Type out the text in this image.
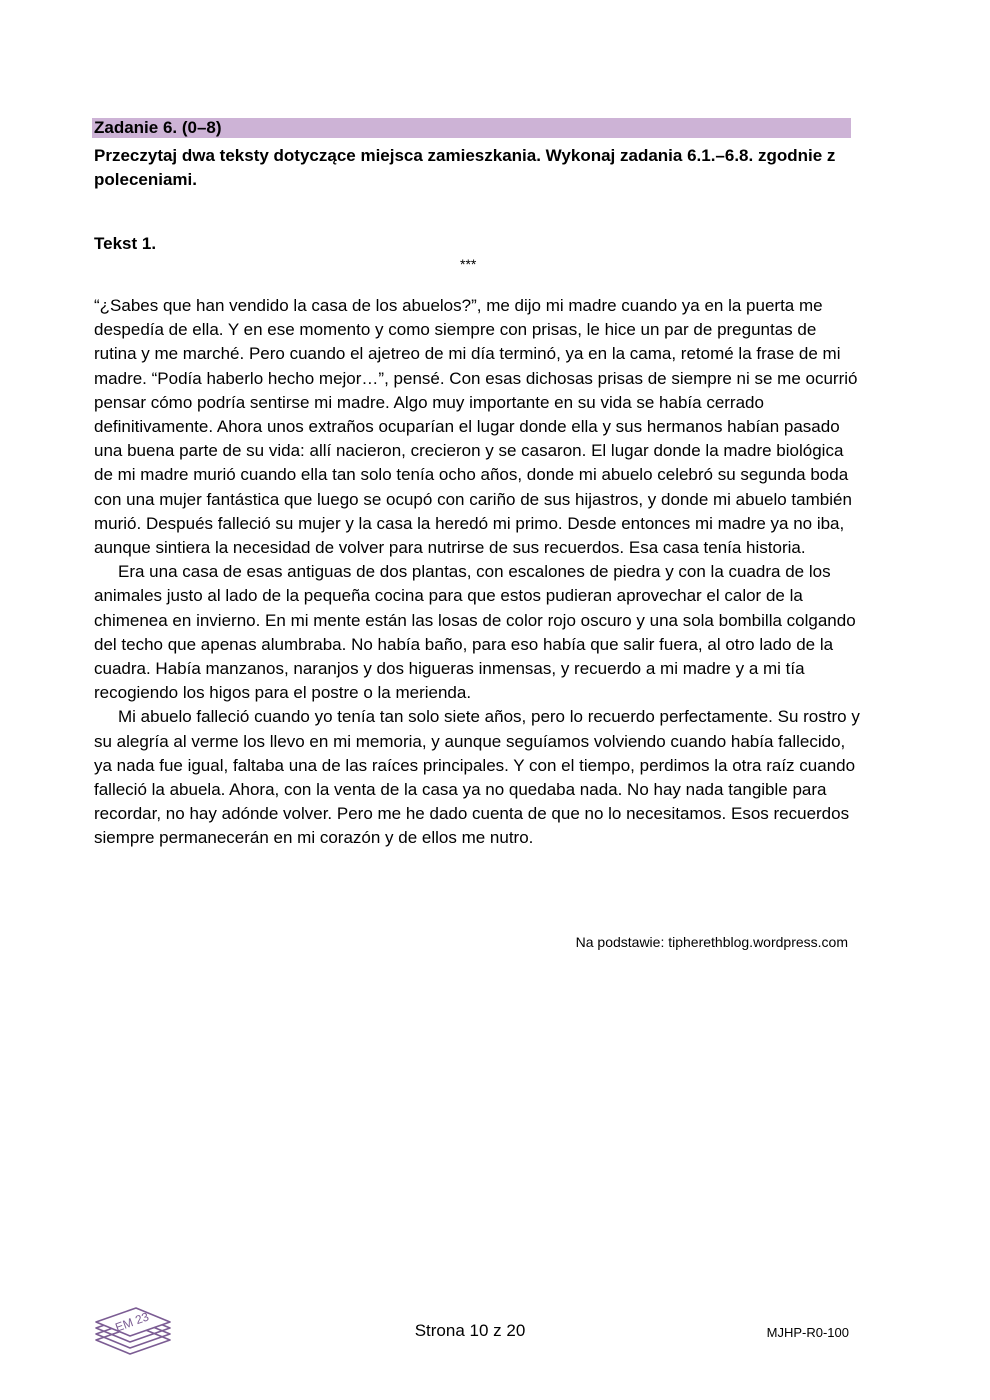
Zadanie 6. (0–8)
Przeczytaj dwa teksty dotyczące miejsca zamieszkania. Wykonaj zadania 6.1.–6.8. zgodnie z poleceniami.
Tekst 1.
***

“¿Sabes que han vendido la casa de los abuelos?”, me dijo mi madre cuando ya en la puerta me despedía de ella. Y en ese momento y como siempre con prisas, le hice un par de preguntas de rutina y me marché. Pero cuando el ajetreo de mi día terminó, ya en la cama, retomé la frase de mi madre. “Podía haberlo hecho mejor…”, pensé. Con esas dichosas prisas de siempre ni se me ocurrió pensar cómo podría sentirse mi madre. Algo muy importante en su vida se había cerrado definitivamente. Ahora unos extraños ocuparían el lugar donde ella y sus hermanos habían pasado una buena parte de su vida: allí nacieron, crecieron y se casaron. El lugar donde la madre biológica de mi madre murió cuando ella tan solo tenía ocho años, donde mi abuelo celebró su segunda boda con una mujer fantástica que luego se ocupó con cariño de sus hijastros, y donde mi abuelo también murió. Después falleció su mujer y la casa la heredó mi primo. Desde entonces mi madre ya no iba, aunque sintiera la necesidad de volver para nutrirse de sus recuerdos. Esa casa tenía historia.

Era una casa de esas antiguas de dos plantas, con escalones de piedra y con la cuadra de los animales justo al lado de la pequeña cocina para que estos pudieran aprovechar el calor de la chimenea en invierno. En mi mente están las losas de color rojo oscuro y una sola bombilla colgando del techo que apenas alumbraba. No había baño, para eso había que salir fuera, al otro lado de la cuadra. Había manzanos, naranjos y dos higueras inmensas, y recuerdo a mi madre y a mi tía recogiendo los higos para el postre o la merienda.

Mi abuelo falleció cuando yo tenía tan solo siete años, pero lo recuerdo perfectamente. Su rostro y su alegría al verme los llevo en mi memoria, y aunque seguíamos volviendo cuando había fallecido, ya nada fue igual, faltaba una de las raíces principales. Y con el tiempo, perdimos la otra raíz cuando falleció la abuela. Ahora, con la venta de la casa ya no quedaba nada. No hay nada tangible para recordar, no hay adónde volver. Pero me he dado cuenta de que no lo necesitamos. Esos recuerdos siempre permanecerán en mi corazón y de ellos me nutro.

Na podstawie: tipherethblog.wordpress.com
EM 23	Strona 10 z 20	MJHP-R0-100
